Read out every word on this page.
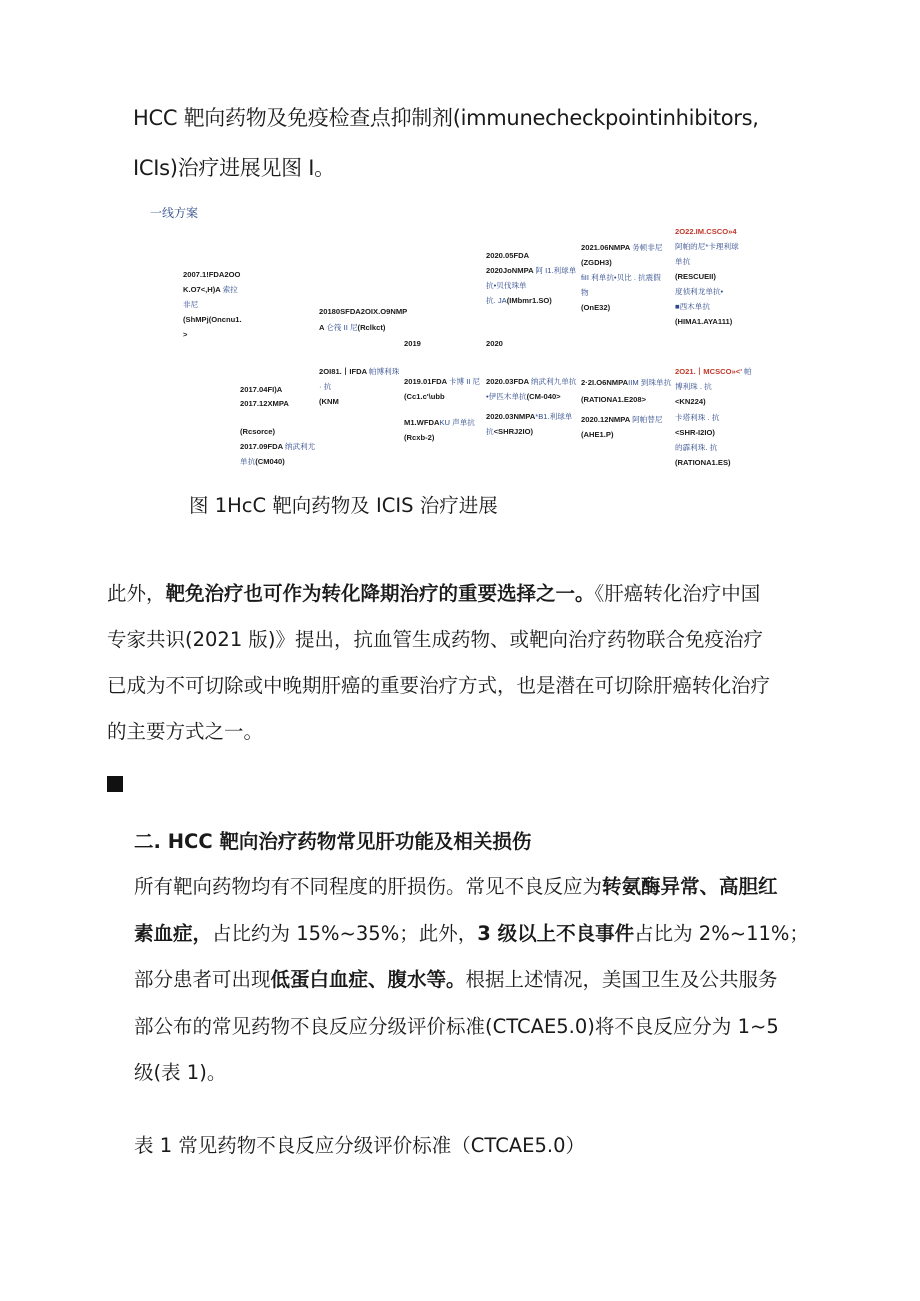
HCC 靶向药物及免疫检查点抑制剂(immunecheckpointinhibitors,
ICIs)治疗进展见图 I。
一线方案
2007.1!FDA2OO
K.O7<,H)A 索拉
非尼
(ShMPj(Oncnu1.
>
20180SFDA2OIX.O9NMP
A 仑筏 II 尼(Rclkct)
2020.05FDA
2020JoNMPA 阿 I1.利球单
抗•贝伐珠单
抗. JA(IMbmr1.SO)
2021.06NMPA 务顿非尼
(ZGDH3)
fiII 利单抗•贝比 . 抗震假
物
(OnE32)
2O22.IM.CSCO»4
阿帕的尼*卡理利球
单抗
(RESCUEII)
度侦利龙单抗•
■西木单抗
(HIMA1.AYA111)
2019	2020
2017.04FI)A
2017.12XMPA
(Rcsorce)
2017.09FDA 纳武利尤
单抗(CM040)
2OI81.丨IFDA 帕博利珠
· 抗
(KNM
2019.01FDA 卡博 II 尼
(Cc1.c'\ubb
M1.WFDAKU 声单抗
(Rcxb-2)
2020.03FDA 纳武利九单抗
•伊匹木单抗(CM-040>
2020.03NMPA*B1.利球单
抗<SHRJ2IO)
2·2I.O6NMPAIIM 到珠单抗
(RATIONA1.E208>
2020.12NMPA 阿帕替尼
(AHE1.P)
2O21.丨MCSCO»<' 帕
博利珠 . 抗
<KN224)
卡塔利珠 . 抗
<SHR-I2IO)
的霹利珠. 抗
(RATIONA1.ES)
图 1HcC 靶向药物及 ICIS 治疗进展
此外，靶免治疗也可作为转化降期治疗的重要选择之一。《肝癌转化治疗中国
专家共识(2021 版)》提出，抗血管生成药物、或靶向治疗药物联合免疫治疗
已成为不可切除或中晚期肝癌的重要治疗方式，也是潜在可切除肝癌转化治疗
的主要方式之一。
二. HCC 靶向治疗药物常见肝功能及相关损伤
所有靶向药物均有不同程度的肝损伤。常见不良反应为转氨酶异常、高胆红
素血症，占比约为 15%~35%；此外，3 级以上不良事件占比为 2%~11%；
部分患者可出现低蛋白血症、腹水等。根据上述情况，美国卫生及公共服务
部公布的常见药物不良反应分级评价标准(CTCAE5.0)将不良反应分为 1~5
级(表 1)。
表 1 常见药物不良反应分级评价标准（CTCAE5.0）
